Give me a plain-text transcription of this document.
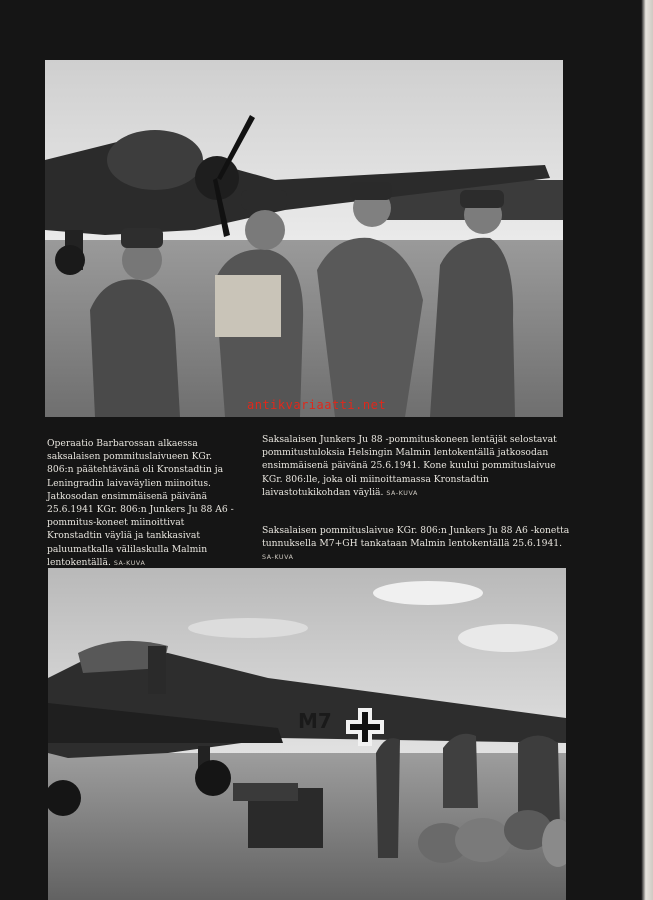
antikvariaatti.net
Operaatio Barbarossan alkaessa saksalaisen pommituslaivueen KGr. 806:n päätehtävänä oli Kronstadtin ja Leningradin laivaväylien miinoitus. Jatkosodan ensimmäisenä päivänä 25.6.1941 KGr. 806:n Junkers Ju 88 A6 -pommitus-koneet miinoittivat Kronstadtin väyliä ja tankkasivat paluumatkalla välilaskulla Malmin lentokentällä. SA-KUVA
Saksalaisen Junkers Ju 88 -pommituskoneen lentäjät selostavat pommitustuloksia Helsingin Malmin lentokentällä jatkosodan ensimmäisenä päivänä 25.6.1941. Kone kuului pommituslaivue KGr. 806:lle, joka oli miinoittamassa Kronstadtin laivastotukikohdan väyliä. SA-KUVA
Saksalaisen pommituslaivue KGr. 806:n Junkers Ju 88 A6 -konetta tunnuksella M7+GH tankataan Malmin lentokentällä 25.6.1941. SA-KUVA
M7
